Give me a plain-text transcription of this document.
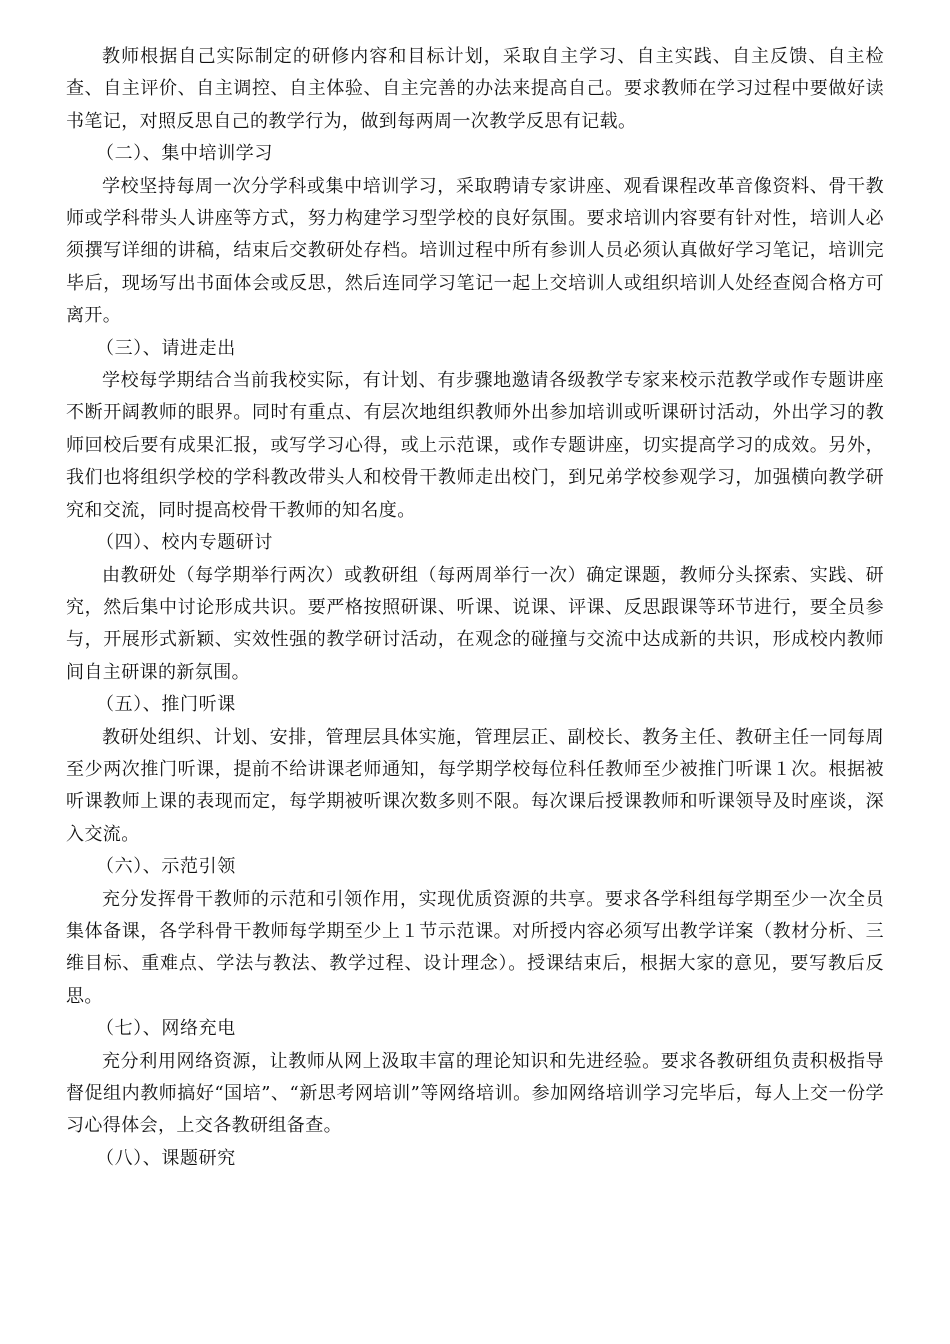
教师根据自己实际制定的研修内容和目标计划，采取自主学习、自主实践、自主反馈、自主检查、自主评价、自主调控、自主体验、自主完善的办法来提高自己。要求教师在学习过程中要做好读书笔记，对照反思自己的教学行为，做到每两周一次教学反思有记载。

（二）、集中培训学习

学校坚持每周一次分学科或集中培训学习，采取聘请专家讲座、观看课程改革音像资料、骨干教师或学科带头人讲座等方式，努力构建学习型学校的良好氛围。要求培训内容要有针对性，培训人必须撰写详细的讲稿，结束后交教研处存档。培训过程中所有参训人员必须认真做好学习笔记，培训完毕后，现场写出书面体会或反思，然后连同学习笔记一起上交培训人或组织培训人处经查阅合格方可离开。

（三）、请进走出

学校每学期结合当前我校实际，有计划、有步骤地邀请各级教学专家来校示范教学或作专题讲座不断开阔教师的眼界。同时有重点、有层次地组织教师外出参加培训或听课研讨活动，外出学习的教师回校后要有成果汇报，或写学习心得，或上示范课，或作专题讲座，切实提高学习的成效。另外，我们也将组织学校的学科教改带头人和校骨干教师走出校门，到兄弟学校参观学习，加强横向教学研究和交流，同时提高校骨干教师的知名度。

（四）、校内专题研讨

由教研处（每学期举行两次）或教研组（每两周举行一次）确定课题，教师分头探索、实践、研究，然后集中讨论形成共识。要严格按照研课、听课、说课、评课、反思跟课等环节进行，要全员参与，开展形式新颖、实效性强的教学研讨活动，在观念的碰撞与交流中达成新的共识，形成校内教师间自主研课的新氛围。

（五）、推门听课

教研处组织、计划、安排，管理层具体实施，管理层正、副校长、教务主任、教研主任一同每周至少两次推门听课，提前不给讲课老师通知，每学期学校每位科任教师至少被推门听课１次。根据被听课教师上课的表现而定，每学期被听课次数多则不限。每次课后授课教师和听课领导及时座谈，深入交流。

（六）、示范引领

充分发挥骨干教师的示范和引领作用，实现优质资源的共享。要求各学科组每学期至少一次全员集体备课，各学科骨干教师每学期至少上１节示范课。对所授内容必须写出教学详案（教材分析、三维目标、重难点、学法与教法、教学过程、设计理念）。授课结束后，根据大家的意见，要写教后反思。

（七）、网络充电

充分利用网络资源，让教师从网上汲取丰富的理论知识和先进经验。要求各教研组负责积极指导督促组内教师搞好“国培”、“新思考网培训”等网络培训。参加网络培训学习完毕后，每人上交一份学习心得体会，上交各教研组备查。

（八）、课题研究
